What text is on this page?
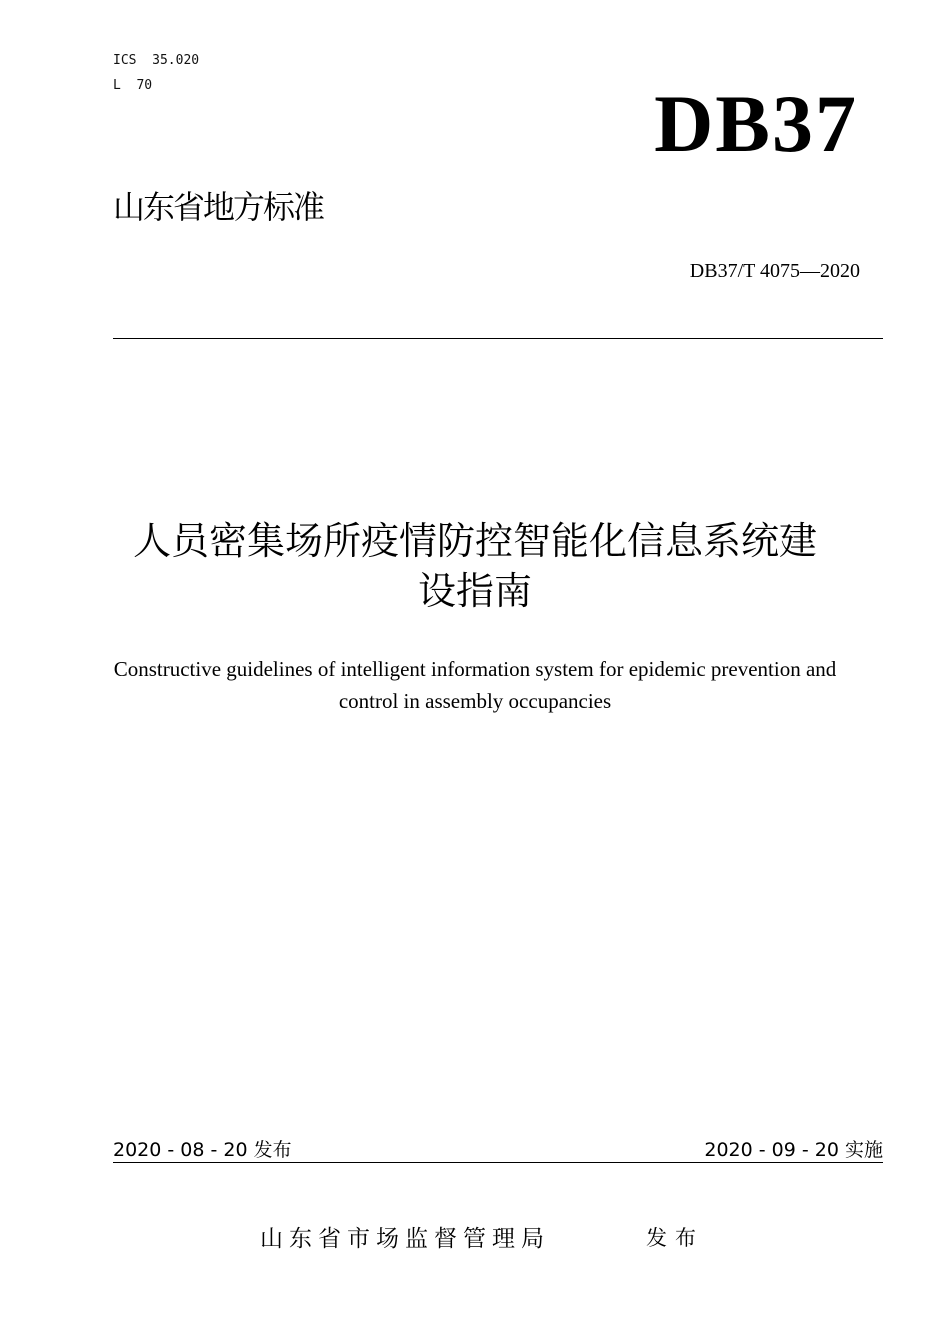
ICS  35.020
L  70	DB37
山东省地方标准
DB37/T 4075—2020
人员密集场所疫情防控智能化信息系统建
设指南
Constructive guidelines of intelligent information system for epidemic prevention and
control in assembly occupancies
2020 - 08 - 20 发布	2020 - 09 - 20 实施
山东省市场监督管理局	发布
